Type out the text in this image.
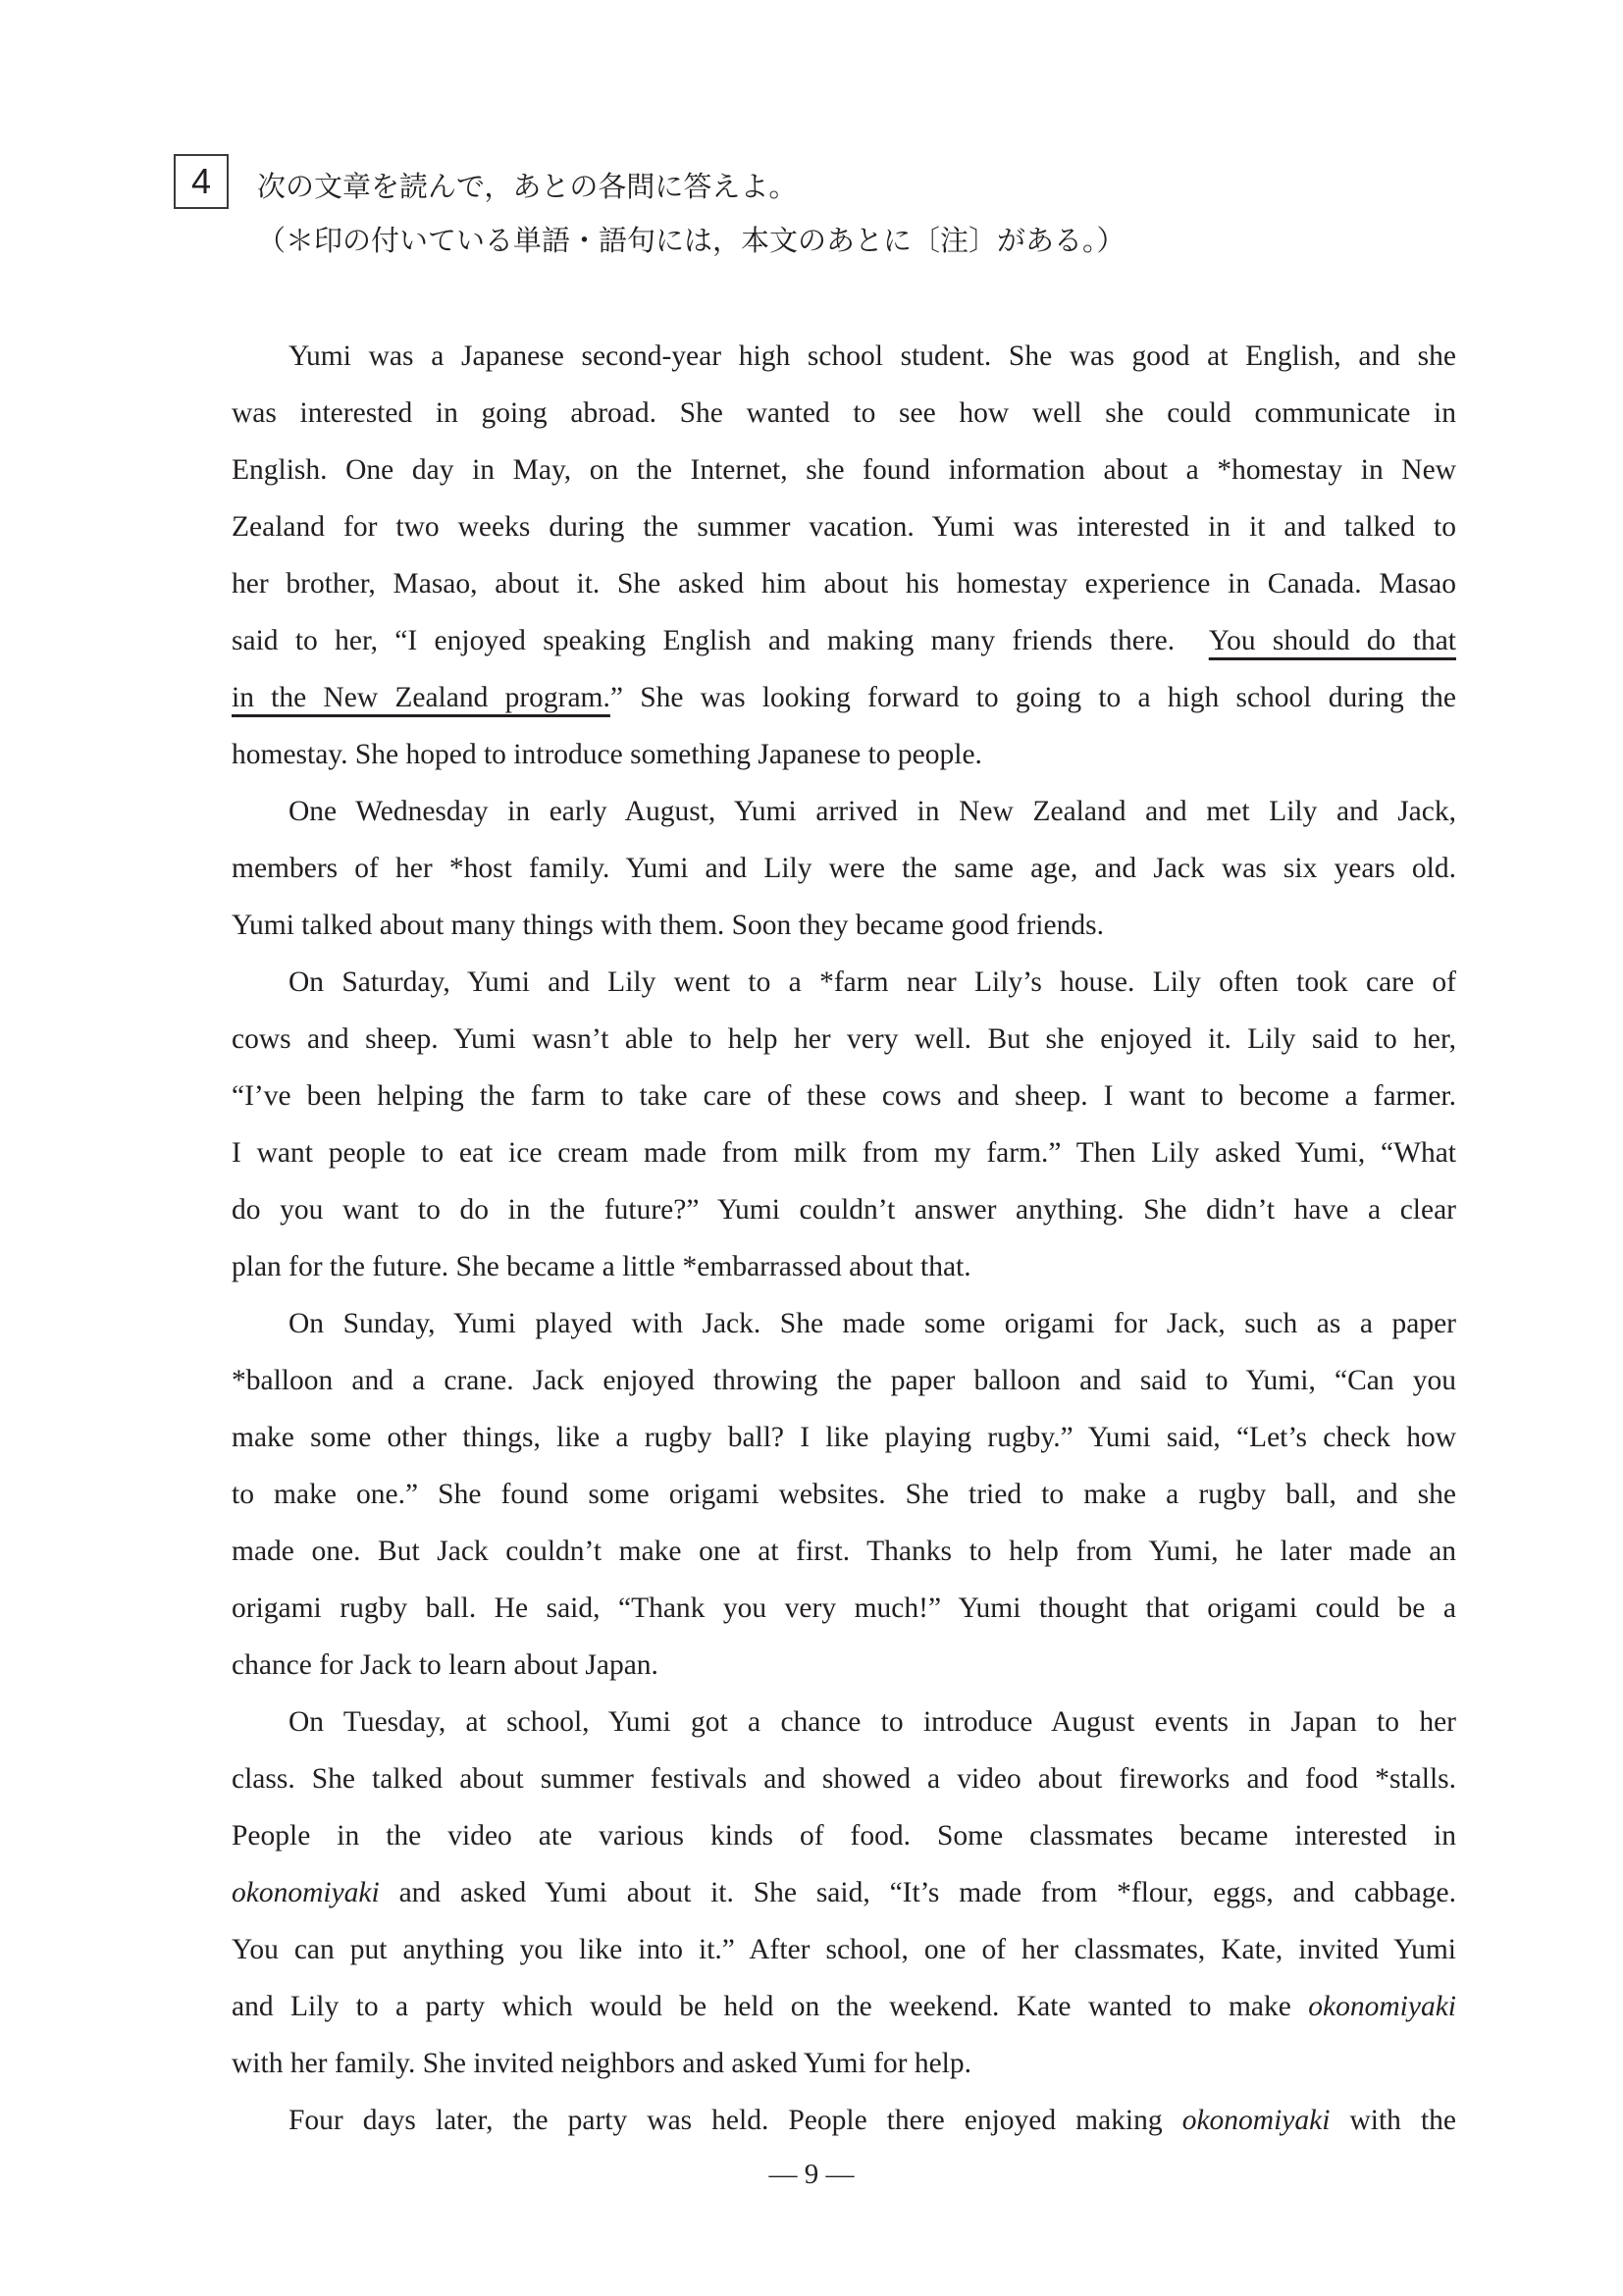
4 次の文章を読んで，あとの各問に答えよ。
（＊印の付いている単語・語句には，本文のあとに〔注〕がある。）
Yumi was a Japanese second-year high school student. She was good at English, and she
was interested in going abroad. She wanted to see how well she could communicate in
English. One day in May, on the Internet, she found information about a *homestay in New
Zealand for two weeks during the summer vacation. Yumi was interested in it and talked to
her brother, Masao, about it. She asked him about his homestay experience in Canada. Masao
said to her, “I enjoyed speaking English and making many friends there. You should do that
in the New Zealand program.” She was looking forward to going to a high school during the
homestay. She hoped to introduce something Japanese to people.
One Wednesday in early August, Yumi arrived in New Zealand and met Lily and Jack,
members of her *host family. Yumi and Lily were the same age, and Jack was six years old.
Yumi talked about many things with them. Soon they became good friends.
On Saturday, Yumi and Lily went to a *farm near Lily’s house. Lily often took care of
cows and sheep. Yumi wasn’t able to help her very well. But she enjoyed it. Lily said to her,
“I’ve been helping the farm to take care of these cows and sheep. I want to become a farmer.
I want people to eat ice cream made from milk from my farm.” Then Lily asked Yumi, “What
do you want to do in the future?” Yumi couldn’t answer anything. She didn’t have a clear
plan for the future. She became a little *embarrassed about that.
On Sunday, Yumi played with Jack. She made some origami for Jack, such as a paper
*balloon and a crane. Jack enjoyed throwing the paper balloon and said to Yumi, “Can you
make some other things, like a rugby ball? I like playing rugby.” Yumi said, “Let’s check how
to make one.” She found some origami websites. She tried to make a rugby ball, and she
made one. But Jack couldn’t make one at first. Thanks to help from Yumi, he later made an
origami rugby ball. He said, “Thank you very much!” Yumi thought that origami could be a
chance for Jack to learn about Japan.
On Tuesday, at school, Yumi got a chance to introduce August events in Japan to her
class. She talked about summer festivals and showed a video about fireworks and food *stalls.
People in the video ate various kinds of food. Some classmates became interested in
okonomiyaki and asked Yumi about it. She said, “It’s made from *flour, eggs, and cabbage.
You can put anything you like into it.” After school, one of her classmates, Kate, invited Yumi
and Lily to a party which would be held on the weekend. Kate wanted to make okonomiyaki
with her family. She invited neighbors and asked Yumi for help.
Four days later, the party was held. People there enjoyed making okonomiyaki with the
— 9 —
